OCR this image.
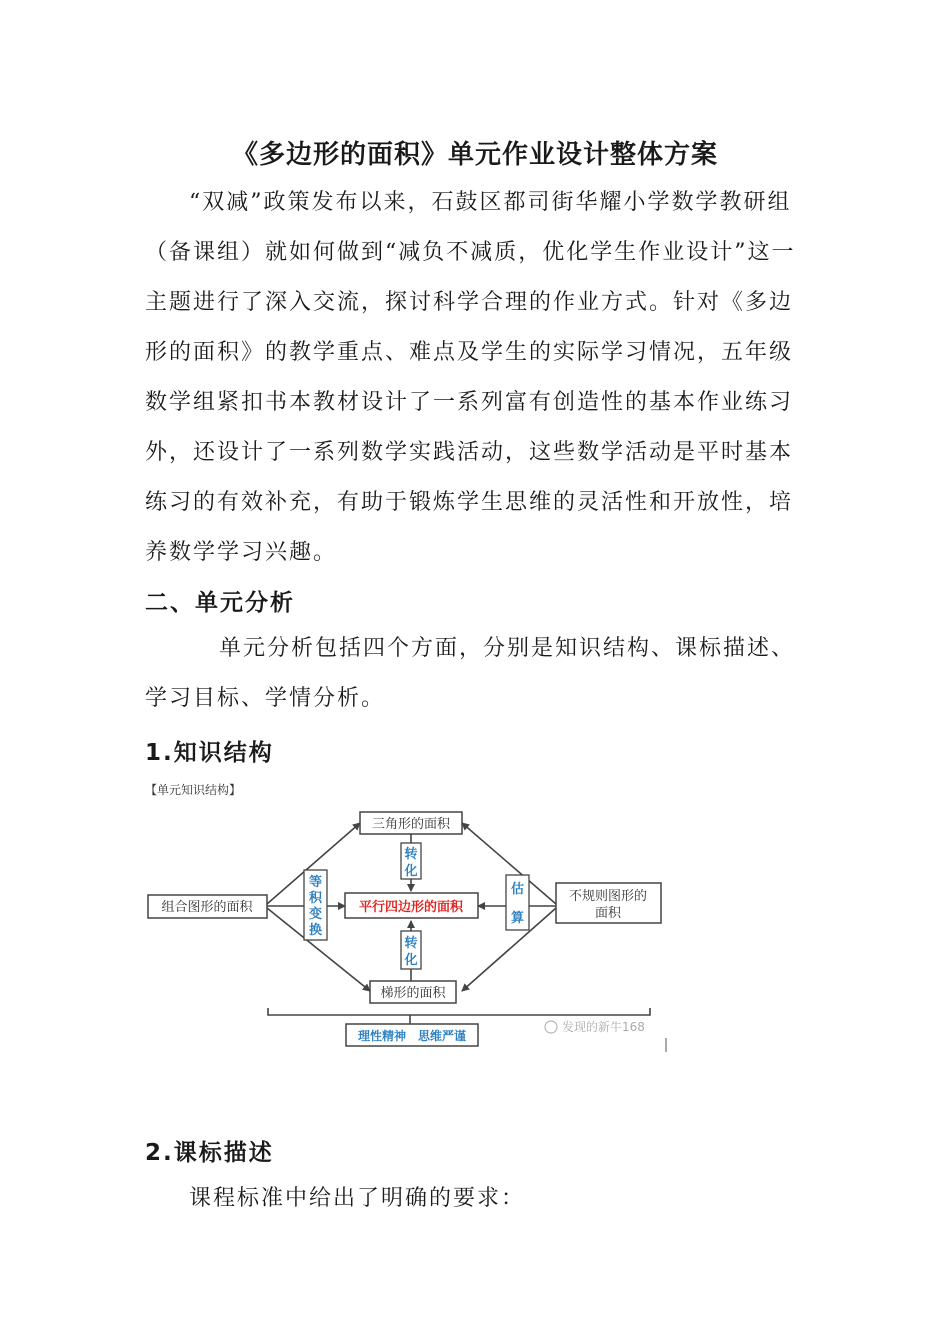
《多边形的面积》单元作业设计整体方案

“双减”政策发布以来，石鼓区都司街华耀小学数学教研组（备课组）就如何做到“减负不减质，优化学生作业设计”这一主题进行了深入交流，探讨科学合理的作业方式。针对《多边形的面积》的教学重点、难点及学生的实际学习情况，五年级数学组紧扣书本教材设计了一系列富有创造性的基本作业练习外，还设计了一系列数学实践活动，这些数学活动是平时基本练习的有效补充，有助于锻炼学生思维的灵活性和开放性，培养数学学习兴趣。

二、单元分析

单元分析包括四个方面，分别是知识结构、课标描述、学习目标、学情分析。

1.知识结构
【单元知识结构】
三角形的面积
平行四边形的面积
梯形的面积
组合图形的面积
不规则图形的
面积
理性精神　思维严谨
转
化
转
化
等
积
变
换
估
算
发现的新牛168
2.课标描述

课程标准中给出了明确的要求：
